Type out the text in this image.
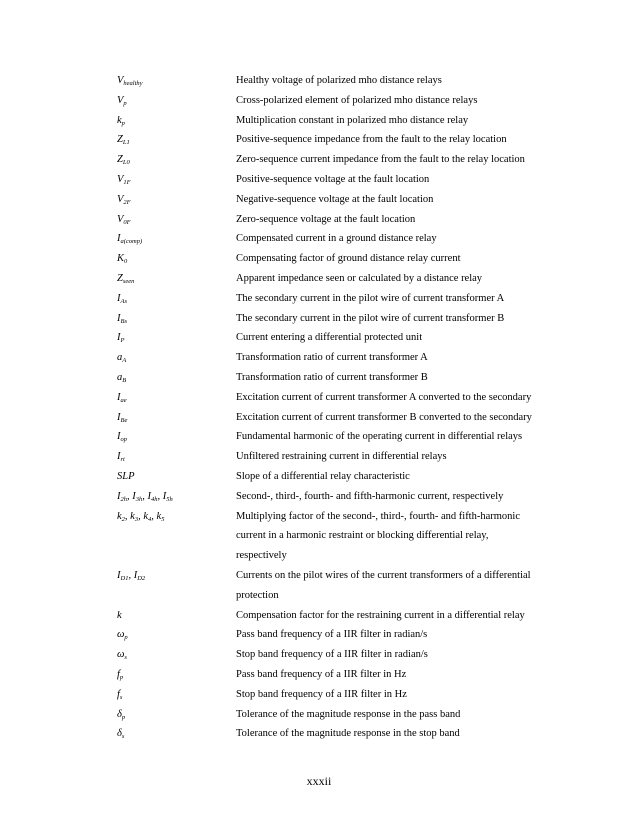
$V_{healthy}$	Healthy voltage of polarized mho distance relays
$V_p$	Cross-polarized element of polarized mho distance relays
$k_p$	Multiplication constant in polarized mho distance relay
$Z_{L1}$	Positive-sequence impedance from the fault to the relay location
$Z_{L0}$	Zero-sequence current impedance from the fault to the relay location
$V_{1F}$	Positive-sequence voltage at the fault location
$V_{2F}$	Negative-sequence voltage at the fault location
$V_{0F}$	Zero-sequence voltage at the fault location
$I_{a(comp)}$	Compensated current in a ground distance relay
$K_0$	Compensating factor of ground distance relay current
$Z_{seen}$	Apparent impedance seen or calculated by a distance relay
$I_{As}$	The secondary current in the pilot wire of current transformer A
$I_{Bs}$	The secondary current in the pilot wire of current transformer B
$I_P$	Current entering a differential protected unit
$a_A$	Transformation ratio of current transformer A
$a_B$	Transformation ratio of current transformer B
$I_{ae}$	Excitation current of current transformer A converted to the secondary
$I_{Be}$	Excitation current of current transformer B converted to the secondary
$I_{op}$	Fundamental harmonic of the operating current in differential relays
$I_{rt}$	Unfiltered restraining current in differential relays
SLP	Slope of a differential relay characteristic
$I_{2h}$, $I_{3h}$, $I_{4h}$, $I_{5h}$	Second-, third-, fourth- and fifth-harmonic current, respectively
$k_2$, $k_3$, $k_4$, $k_5$	Multiplying factor of the second-, third-, fourth- and fifth-harmonic
current in a harmonic restraint or blocking differential relay,
respectively
$I_{D1}$, $I_{D2}$	Currents on the pilot wires of the current transformers of a differential
protection
k	Compensation factor for the restraining current in a differential relay
$\omega_p$	Pass band frequency of a IIR filter in radian/s
$\omega_s$	Stop band frequency of a IIR filter in radian/s
$f_p$	Pass band frequency of a IIR filter in Hz
$f_s$	Stop band frequency of a IIR filter in Hz
$\delta_p$	Tolerance of the magnitude response in the pass band
$\delta_s$	Tolerance of the magnitude response in the stop band
xxxii
